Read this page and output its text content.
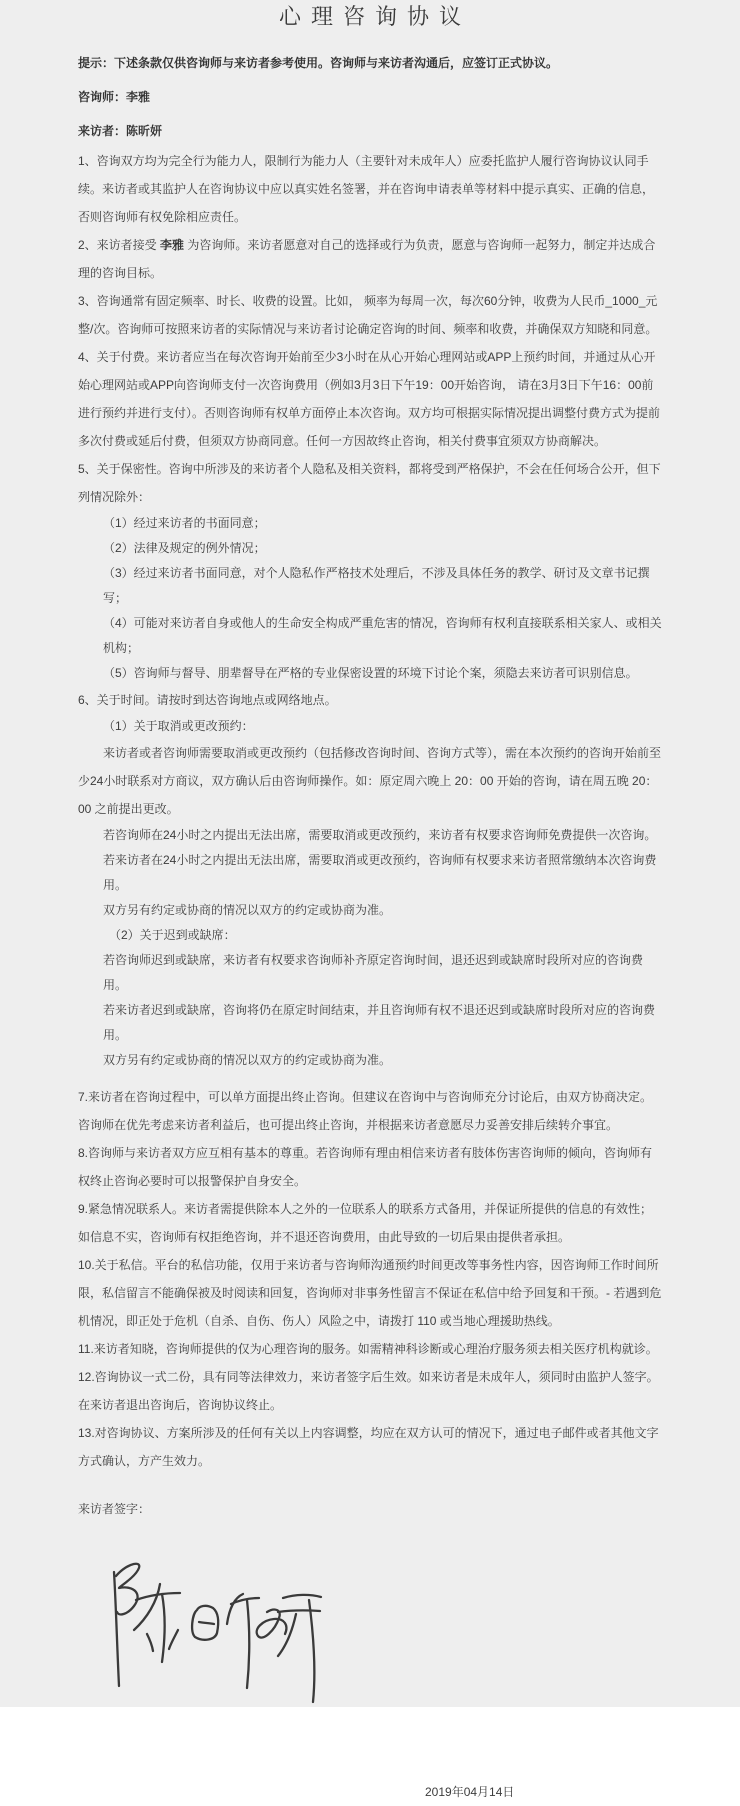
心理咨询协议

提示：下述条款仅供咨询师与来访者参考使用。咨询师与来访者沟通后，应签订正式协议。

咨询师：李雅

来访者：陈昕妍

1、咨询双方均为完全行为能力人，限制行为能力人（主要针对未成年人）应委托监护人履行咨询协议认同手续。来访者或其监护人在咨询协议中应以真实姓名签署，并在咨询申请表单等材料中提示真实、正确的信息，否则咨询师有权免除相应责任。

2、来访者接受 李雅 为咨询师。来访者愿意对自己的选择或行为负责，愿意与咨询师一起努力，制定并达成合理的咨询目标。

3、咨询通常有固定频率、时长、收费的设置。比如， 频率为每周一次，每次60分钟，收费为人民币_1000_元整/次。咨询师可按照来访者的实际情况与来访者讨论确定咨询的时间、频率和收费，并确保双方知晓和同意。

4、关于付费。来访者应当在每次咨询开始前至少3小时在从心开始心理网站或APP上预约时间，并通过从心开始心理网站或APP向咨询师支付一次咨询费用（例如3月3日下午19：00开始咨询， 请在3月3日下午16：00前进行预约并进行支付）。否则咨询师有权单方面停止本次咨询。双方均可根据实际情况提出调整付费方式为提前多次付费或延后付费，但须双方协商同意。任何一方因故终止咨询，相关付费事宜须双方协商解决。

5、关于保密性。咨询中所涉及的来访者个人隐私及相关资料，都将受到严格保护，不会在任何场合公开，但下列情况除外：

（1）经过来访者的书面同意；

（2）法律及规定的例外情况；

（3）经过来访者书面同意，对个人隐私作严格技术处理后，不涉及具体任务的教学、研讨及文章书记撰写；

（4）可能对来访者自身或他人的生命安全构成严重危害的情况，咨询师有权利直接联系相关家人、或相关机构；

（5）咨询师与督导、朋辈督导在严格的专业保密设置的环境下讨论个案，须隐去来访者可识别信息。

6、关于时间。请按时到达咨询地点或网络地点。

（1）关于取消或更改预约：

来访者或者咨询师需要取消或更改预约（包括修改咨询时间、咨询方式等），需在本次预约的咨询开始前至少24小时联系对方商议，双方确认后由咨询师操作。如：原定周六晚上 20：00 开始的咨询，请在周五晚 20：00 之前提出更改。

若咨询师在24小时之内提出无法出席，需要取消或更改预约，来访者有权要求咨询师免费提供一次咨询。

若来访者在24小时之内提出无法出席，需要取消或更改预约，咨询师有权要求来访者照常缴纳本次咨询费用。

双方另有约定或协商的情况以双方的约定或协商为准。

（2）关于迟到或缺席：

若咨询师迟到或缺席，来访者有权要求咨询师补齐原定咨询时间，退还迟到或缺席时段所对应的咨询费用。

若来访者迟到或缺席，咨询将仍在原定时间结束，并且咨询师有权不退还迟到或缺席时段所对应的咨询费用。

双方另有约定或协商的情况以双方的约定或协商为准。

7.来访者在咨询过程中，可以单方面提出终止咨询。但建议在咨询中与咨询师充分讨论后，由双方协商决定。咨询师在优先考虑来访者利益后，也可提出终止咨询，并根据来访者意愿尽力妥善安排后续转介事宜。

8.咨询师与来访者双方应互相有基本的尊重。若咨询师有理由相信来访者有肢体伤害咨询师的倾向，咨询师有权终止咨询必要时可以报警保护自身安全。

9.紧急情况联系人。来访者需提供除本人之外的一位联系人的联系方式备用，并保证所提供的信息的有效性；如信息不实，咨询师有权拒绝咨询，并不退还咨询费用，由此导致的一切后果由提供者承担。

10.关于私信。平台的私信功能，仅用于来访者与咨询师沟通预约时间更改等事务性内容，因咨询师工作时间所限，私信留言不能确保被及时阅读和回复，咨询师对非事务性留言不保证在私信中给予回复和干预。- 若遇到危机情况，即正处于危机（自杀、自伤、伤人）风险之中，请拨打 110 或当地心理援助热线。

11.来访者知晓，咨询师提供的仅为心理咨询的服务。如需精神科诊断或心理治疗服务须去相关医疗机构就诊。

12.咨询协议一式二份，具有同等法律效力，来访者签字后生效。如来访者是未成年人，须同时由监护人签字。在来访者退出咨询后，咨询协议终止。

13.对咨询协议、方案所涉及的任何有关以上内容调整，均应在双方认可的情况下，通过电子邮件或者其他文字方式确认，方产生效力。

来访者签字：

2019年04月14日
